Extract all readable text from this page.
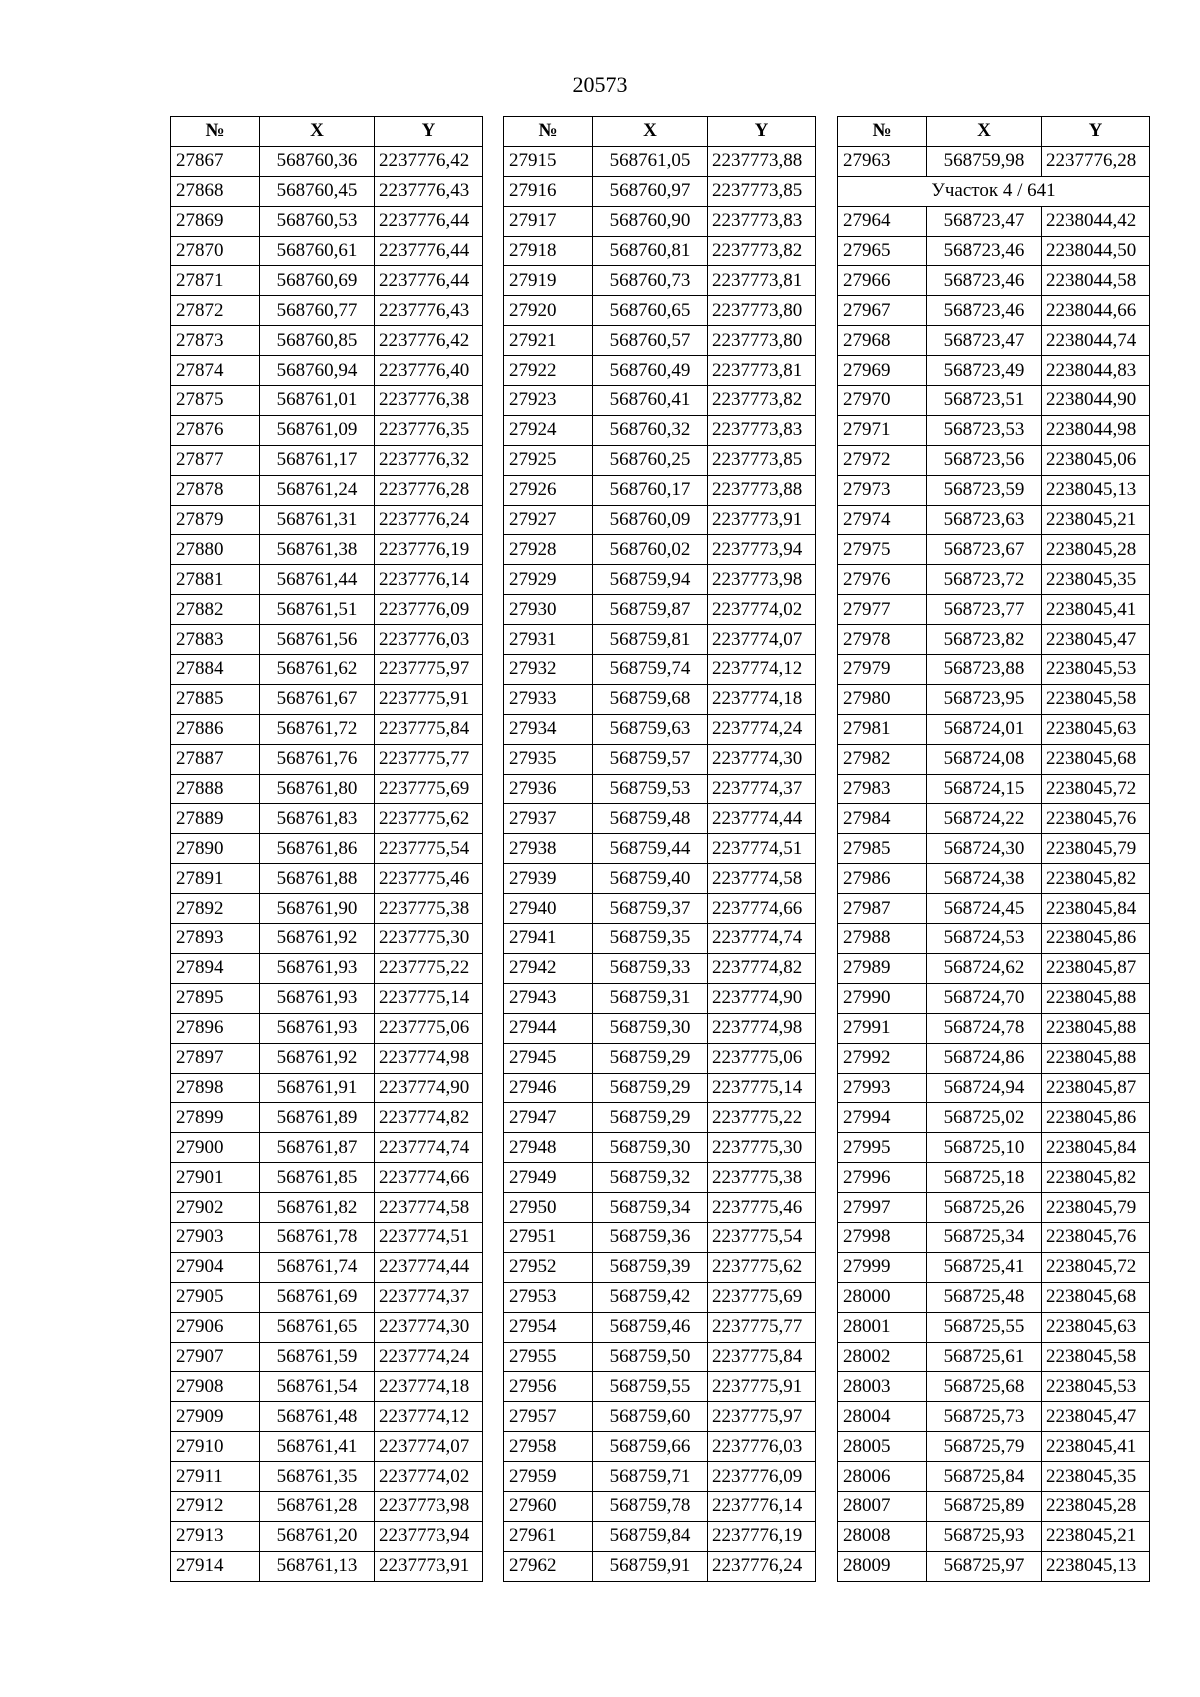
20573
№	X	Y
27867	568760,36	2237776,42
27868	568760,45	2237776,43
27869	568760,53	2237776,44
27870	568760,61	2237776,44
27871	568760,69	2237776,44
27872	568760,77	2237776,43
27873	568760,85	2237776,42
27874	568760,94	2237776,40
27875	568761,01	2237776,38
27876	568761,09	2237776,35
27877	568761,17	2237776,32
27878	568761,24	2237776,28
27879	568761,31	2237776,24
27880	568761,38	2237776,19
27881	568761,44	2237776,14
27882	568761,51	2237776,09
27883	568761,56	2237776,03
27884	568761,62	2237775,97
27885	568761,67	2237775,91
27886	568761,72	2237775,84
27887	568761,76	2237775,77
27888	568761,80	2237775,69
27889	568761,83	2237775,62
27890	568761,86	2237775,54
27891	568761,88	2237775,46
27892	568761,90	2237775,38
27893	568761,92	2237775,30
27894	568761,93	2237775,22
27895	568761,93	2237775,14
27896	568761,93	2237775,06
27897	568761,92	2237774,98
27898	568761,91	2237774,90
27899	568761,89	2237774,82
27900	568761,87	2237774,74
27901	568761,85	2237774,66
27902	568761,82	2237774,58
27903	568761,78	2237774,51
27904	568761,74	2237774,44
27905	568761,69	2237774,37
27906	568761,65	2237774,30
27907	568761,59	2237774,24
27908	568761,54	2237774,18
27909	568761,48	2237774,12
27910	568761,41	2237774,07
27911	568761,35	2237774,02
27912	568761,28	2237773,98
27913	568761,20	2237773,94
27914	568761,13	2237773,91
№	X	Y
27915	568761,05	2237773,88
27916	568760,97	2237773,85
27917	568760,90	2237773,83
27918	568760,81	2237773,82
27919	568760,73	2237773,81
27920	568760,65	2237773,80
27921	568760,57	2237773,80
27922	568760,49	2237773,81
27923	568760,41	2237773,82
27924	568760,32	2237773,83
27925	568760,25	2237773,85
27926	568760,17	2237773,88
27927	568760,09	2237773,91
27928	568760,02	2237773,94
27929	568759,94	2237773,98
27930	568759,87	2237774,02
27931	568759,81	2237774,07
27932	568759,74	2237774,12
27933	568759,68	2237774,18
27934	568759,63	2237774,24
27935	568759,57	2237774,30
27936	568759,53	2237774,37
27937	568759,48	2237774,44
27938	568759,44	2237774,51
27939	568759,40	2237774,58
27940	568759,37	2237774,66
27941	568759,35	2237774,74
27942	568759,33	2237774,82
27943	568759,31	2237774,90
27944	568759,30	2237774,98
27945	568759,29	2237775,06
27946	568759,29	2237775,14
27947	568759,29	2237775,22
27948	568759,30	2237775,30
27949	568759,32	2237775,38
27950	568759,34	2237775,46
27951	568759,36	2237775,54
27952	568759,39	2237775,62
27953	568759,42	2237775,69
27954	568759,46	2237775,77
27955	568759,50	2237775,84
27956	568759,55	2237775,91
27957	568759,60	2237775,97
27958	568759,66	2237776,03
27959	568759,71	2237776,09
27960	568759,78	2237776,14
27961	568759,84	2237776,19
27962	568759,91	2237776,24
№	X	Y
27963	568759,98	2237776,28
Участок 4 / 641		
27964	568723,47	2238044,42
27965	568723,46	2238044,50
27966	568723,46	2238044,58
27967	568723,46	2238044,66
27968	568723,47	2238044,74
27969	568723,49	2238044,83
27970	568723,51	2238044,90
27971	568723,53	2238044,98
27972	568723,56	2238045,06
27973	568723,59	2238045,13
27974	568723,63	2238045,21
27975	568723,67	2238045,28
27976	568723,72	2238045,35
27977	568723,77	2238045,41
27978	568723,82	2238045,47
27979	568723,88	2238045,53
27980	568723,95	2238045,58
27981	568724,01	2238045,63
27982	568724,08	2238045,68
27983	568724,15	2238045,72
27984	568724,22	2238045,76
27985	568724,30	2238045,79
27986	568724,38	2238045,82
27987	568724,45	2238045,84
27988	568724,53	2238045,86
27989	568724,62	2238045,87
27990	568724,70	2238045,88
27991	568724,78	2238045,88
27992	568724,86	2238045,88
27993	568724,94	2238045,87
27994	568725,02	2238045,86
27995	568725,10	2238045,84
27996	568725,18	2238045,82
27997	568725,26	2238045,79
27998	568725,34	2238045,76
27999	568725,41	2238045,72
28000	568725,48	2238045,68
28001	568725,55	2238045,63
28002	568725,61	2238045,58
28003	568725,68	2238045,53
28004	568725,73	2238045,47
28005	568725,79	2238045,41
28006	568725,84	2238045,35
28007	568725,89	2238045,28
28008	568725,93	2238045,21
28009	568725,97	2238045,13
